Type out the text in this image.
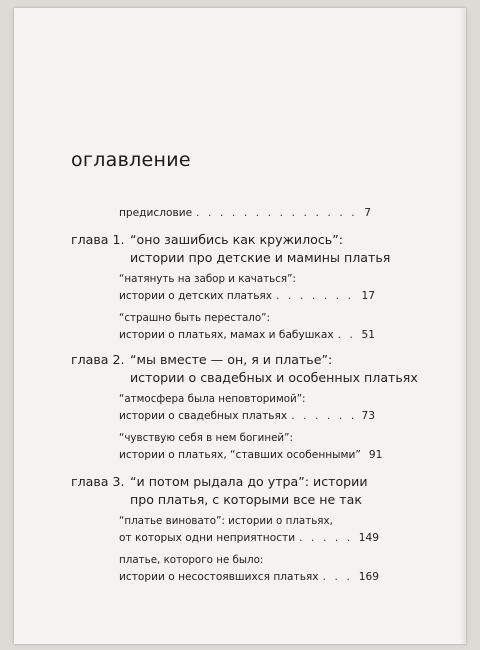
оглавление
предисловие . . .	7
глава 1. “оно зашибись как кружилось”:
истории про детские и мамины платья
“натянуть на забор и качаться”:
истории о детских платьях . . .	17
“страшно быть перестало”:
истории о платьях, мамах и бабушках . . .	51
глава 2. “мы вместе — он, я и платье”:
истории о свадебных и особенных платьях
“атмосфера была неповторимой”:
истории о свадебных платьях . . .	73
“чувствую себя в нем богиней”:
истории о платьях, “ставших особенными” 91
глава 3. “и потом рыдала до утра”: истории
про платья, с которыми все не так
“платье виновато”: истории о платьях,
от которых одни неприятности . . .	149
платье, которого не было:
истории о несостоявшихся платьях . . .	169
